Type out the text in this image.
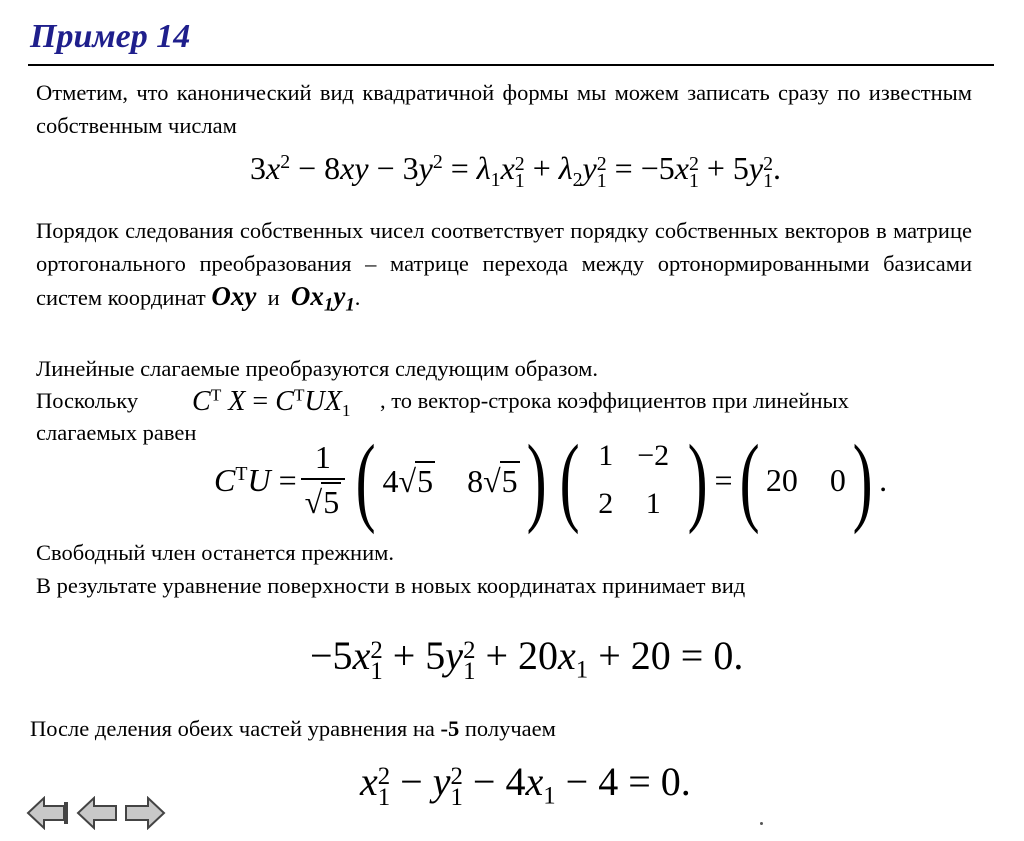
Пример 14
Отметим, что канонический вид квадратичной формы мы можем записать сразу по известным собственным числам
$3x^2 - 8xy - 3y^2 = \lambda_1x$ 2
$1 + \lambda_2y$ 2
1 = −5x 2
1 + 5y 2
1 .
Порядок следования собственных чисел соответствует порядку собственных векторов в матрице ортогонального преобразования – матрице перехода между ортонормированными базисами систем координат Oxy и $Ox_1y_1$.
Линейные слагаемые преобразуются следующим образом.
Поскольку $C^T$ $X = C^TUX_1$ , то вектор-строка коэффициентов при линейных
слагаемых равен
$C^TU = \frac{1}{√5}$ ( 4√5    8√5 ) ( 1	−2
2	1 ) = ( 20    0 ) .
Свободный член останется прежним.
В результате уравнение поверхности в новых координатах принимает вид
−5x 2
1 + 5y 2
$1 + 20x_1 + 20 = 0$.
После деления обеих частей уравнения на -5 получаем
x 2
1 − y 2
$1 - 4x_1 - 4 = 0$.
